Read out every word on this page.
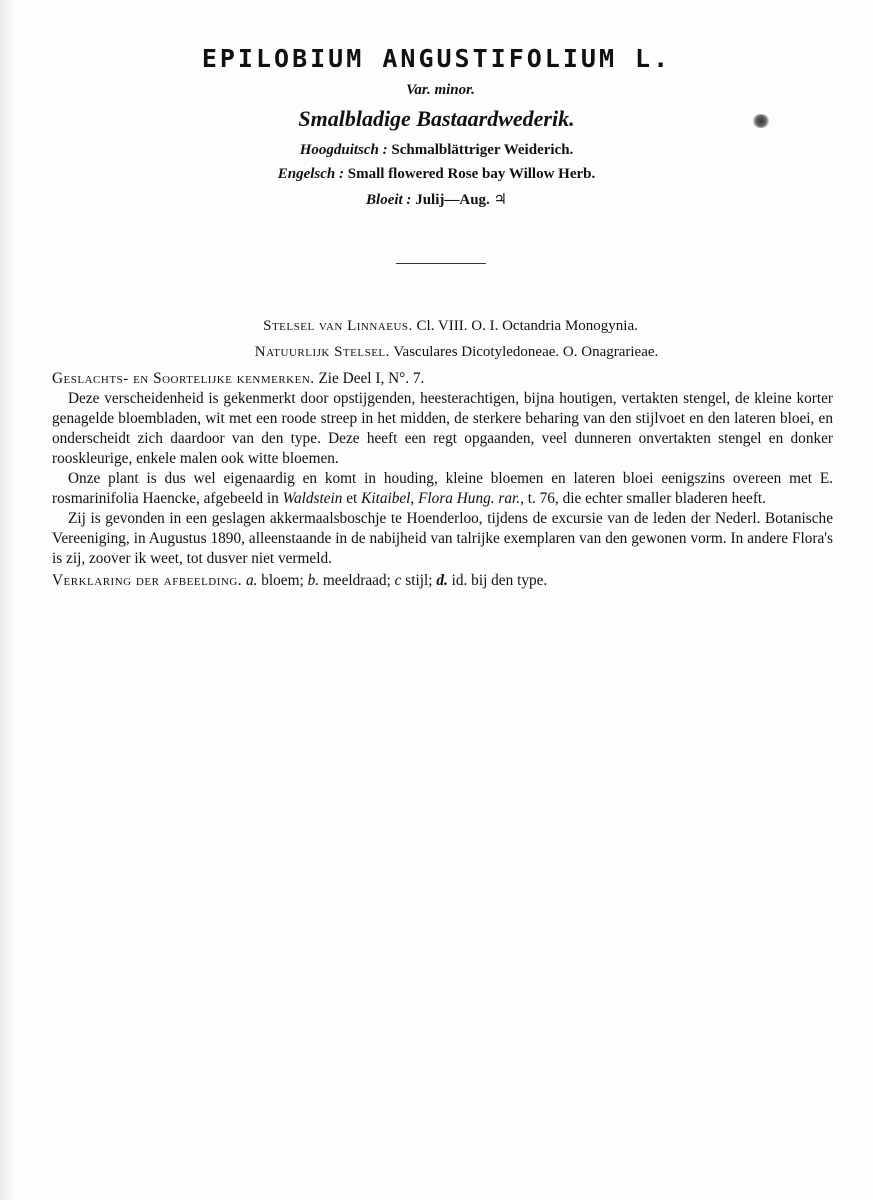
EPILOBIUM ANGUSTIFOLIUM L.
Var. minor.
Smalbladige Bastaardwederik.
Hoogduitsch : Schmalblättriger Weiderich.
Engelsch : Small flowered Rose bay Willow Herb.
Bloeit : Julij—Aug. ♃
Stelsel van Linnaeus. Cl. VIII. O. I. Octandria Monogynia.
Natuurlijk Stelsel. Vasculares Dicotyledoneae. O. Onagrarieae.

Geslachts- en Soortelijke kenmerken. Zie Deel I, N°. 7.

Deze verscheidenheid is gekenmerkt door opstijgenden, heesterachtigen, bijna houtigen, vertakten stengel, de kleine korter genagelde bloembladen, wit met een roode streep in het midden, de sterkere beharing van den stijlvoet en den lateren bloei, en onderscheidt zich daardoor van den type. Deze heeft een regt opgaanden, veel dunneren onvertakten stengel en donker rooskleurige, enkele malen ook witte bloemen.

Onze plant is dus wel eigenaardig en komt in houding, kleine bloemen en lateren bloei eenigszins overeen met E. rosmarinifolia Haencke, afgebeeld in Waldstein et Kitaibel, Flora Hung. rar., t. 76, die echter smaller bladeren heeft.

Zij is gevonden in een geslagen akkermaalsboschje te Hoenderloo, tijdens de excursie van de leden der Nederl. Botanische Vereeniging, in Augustus 1890, alleenstaande in de nabijheid van talrijke exemplaren van den gewonen vorm. In andere Flora's is zij, zoover ik weet, tot dusver niet vermeld.

Verklaring der afbeelding. a. bloem; b. meeldraad; c stijl; d. id. bij den type.
